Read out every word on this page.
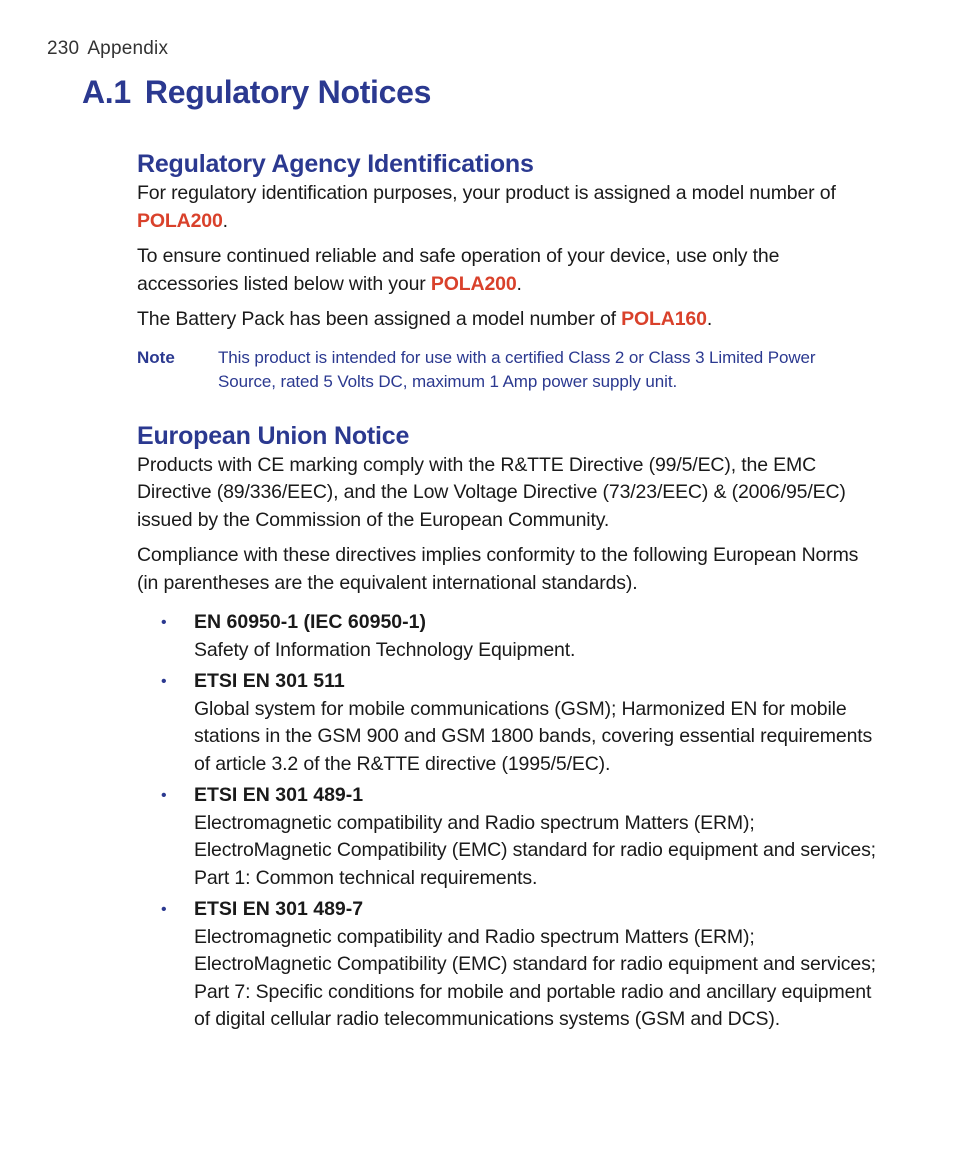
230 Appendix
A.1 Regulatory Notices
Regulatory Agency Identifications

For regulatory identification purposes, your product is assigned a model number of POLA200.

To ensure continued reliable and safe operation of your device, use only the accessories listed below with your POLA200.

The Battery Pack has been assigned a model number of POLA160.

Note	This product is intended for use with a certified Class 2 or Class 3 Limited Power Source, rated 5 Volts DC, maximum 1 Amp power supply unit.
European Union Notice

Products with CE marking comply with the R&TTE Directive (99/5/EC), the EMC Directive (89/336/EEC), and the Low Voltage Directive (73/23/EEC) & (2006/95/EC) issued by the Commission of the European Community.

Compliance with these directives implies conformity to the following European Norms (in parentheses are the equivalent international standards).

•	EN 60950-1 (IEC 60950-1)

Safety of Information Technology Equipment.

•	ETSI EN 301 511

Global system for mobile communications (GSM); Harmonized EN for mobile stations in the GSM 900 and GSM 1800 bands, covering essential requirements of article 3.2 of the R&TTE directive (1995/5/EC).

•	ETSI EN 301 489-1

Electromagnetic compatibility and Radio spectrum Matters (ERM); ElectroMagnetic Compatibility (EMC) standard for radio equipment and services; Part 1: Common technical requirements.

•	ETSI EN 301 489-7

Electromagnetic compatibility and Radio spectrum Matters (ERM); ElectroMagnetic Compatibility (EMC) standard for radio equipment and services; Part 7: Specific conditions for mobile and portable radio and ancillary equipment of digital cellular radio telecommunications systems (GSM and DCS).
